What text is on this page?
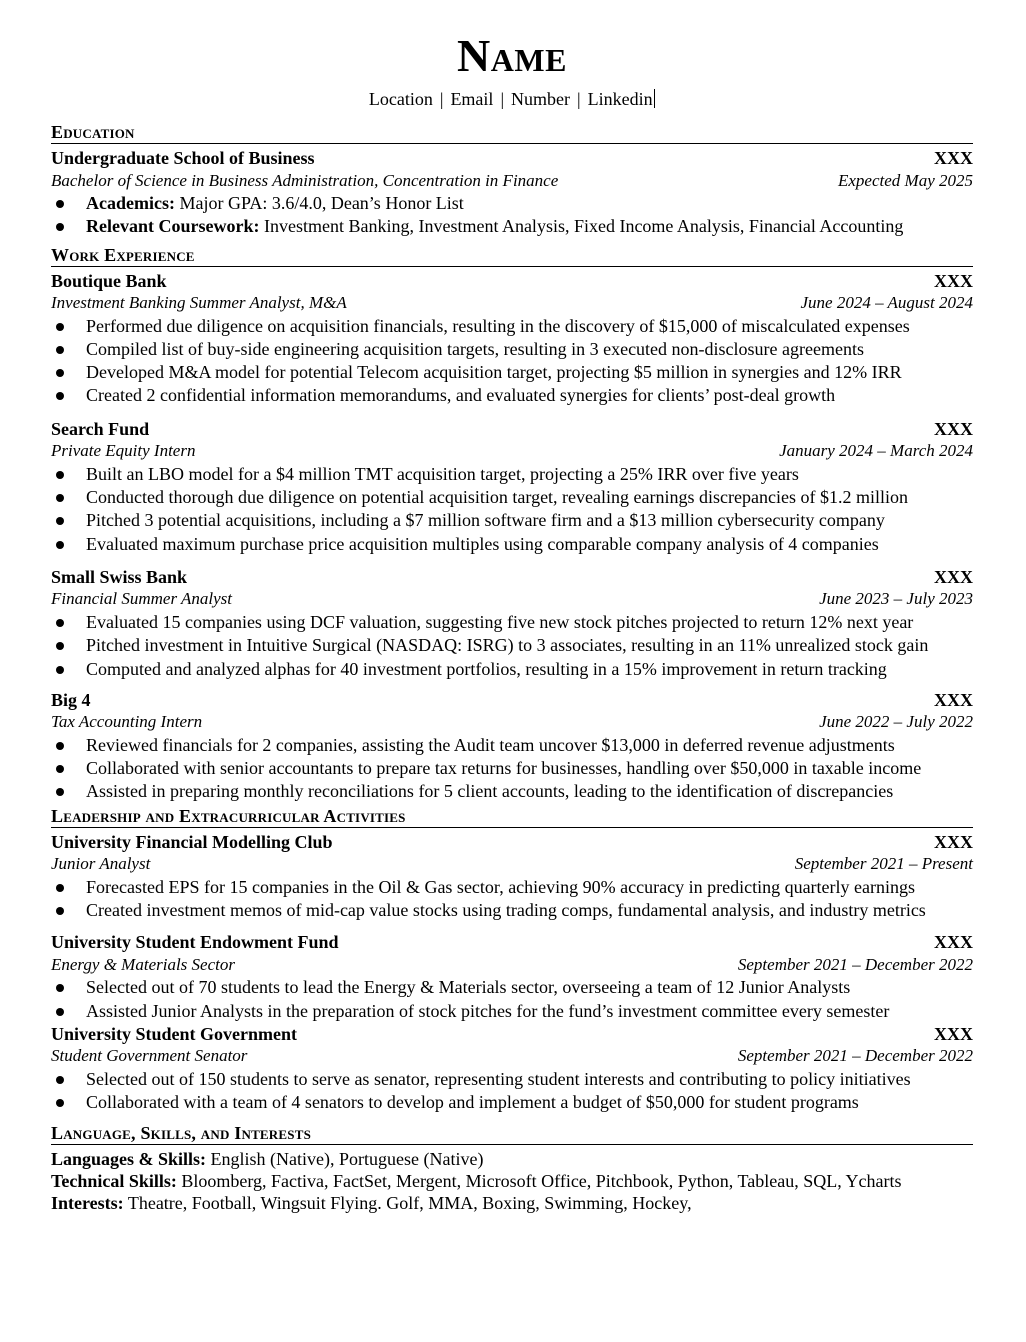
Name
Location | Email | Number | Linkedin
Education
Undergraduate School of Business	XXX
Bachelor of Science in Business Administration, Concentration in Finance	Expected May 2025
Academics: Major GPA: 3.6/4.0, Dean’s Honor List
Relevant Coursework: Investment Banking, Investment Analysis, Fixed Income Analysis, Financial Accounting
Work Experience
Boutique Bank	XXX
Investment Banking Summer Analyst, M&A	June 2024 – August 2024
Performed due diligence on acquisition financials, resulting in the discovery of $15,000 of miscalculated expenses
Compiled list of buy-side engineering acquisition targets, resulting in 3 executed non-disclosure agreements
Developed M&A model for potential Telecom acquisition target, projecting $5 million in synergies and 12% IRR
Created 2 confidential information memorandums, and evaluated synergies for clients’ post-deal growth
Search Fund	XXX
Private Equity Intern	January 2024 – March 2024
Built an LBO model for a $4 million TMT acquisition target, projecting a 25% IRR over five years
Conducted thorough due diligence on potential acquisition target, revealing earnings discrepancies of $1.2 million
Pitched 3 potential acquisitions, including a $7 million software firm and a $13 million cybersecurity company
Evaluated maximum purchase price acquisition multiples using comparable company analysis of 4 companies
Small Swiss Bank	XXX
Financial Summer Analyst	June 2023 – July 2023
Evaluated 15 companies using DCF valuation, suggesting five new stock pitches projected to return 12% next year
Pitched investment in Intuitive Surgical (NASDAQ: ISRG) to 3 associates, resulting in an 11% unrealized stock gain
Computed and analyzed alphas for 40 investment portfolios, resulting in a 15% improvement in return tracking
Big 4	XXX
Tax Accounting Intern	June 2022 – July 2022
Reviewed financials for 2 companies, assisting the Audit team uncover $13,000 in deferred revenue adjustments
Collaborated with senior accountants to prepare tax returns for businesses, handling over $50,000 in taxable income
Assisted in preparing monthly reconciliations for 5 client accounts, leading to the identification of discrepancies
Leadership and Extracurricular Activities
University Financial Modelling Club	XXX
Junior Analyst	September 2021 – Present
Forecasted EPS for 15 companies in the Oil & Gas sector, achieving 90% accuracy in predicting quarterly earnings
Created investment memos of mid-cap value stocks using trading comps, fundamental analysis, and industry metrics
University Student Endowment Fund	XXX
Energy & Materials Sector	September 2021 – December 2022
Selected out of 70 students to lead the Energy & Materials sector, overseeing a team of 12 Junior Analysts
Assisted Junior Analysts in the preparation of stock pitches for the fund’s investment committee every semester
University Student Government	XXX
Student Government Senator	September 2021 – December 2022
Selected out of 150 students to serve as senator, representing student interests and contributing to policy initiatives
Collaborated with a team of 4 senators to develop and implement a budget of $50,000 for student programs
Language, Skills, and Interests
Languages & Skills: English (Native), Portuguese (Native)
Technical Skills: Bloomberg, Factiva, FactSet, Mergent, Microsoft Office, Pitchbook, Python, Tableau, SQL, Ycharts
Interests: Theatre, Football, Wingsuit Flying. Golf, MMA, Boxing, Swimming, Hockey,
